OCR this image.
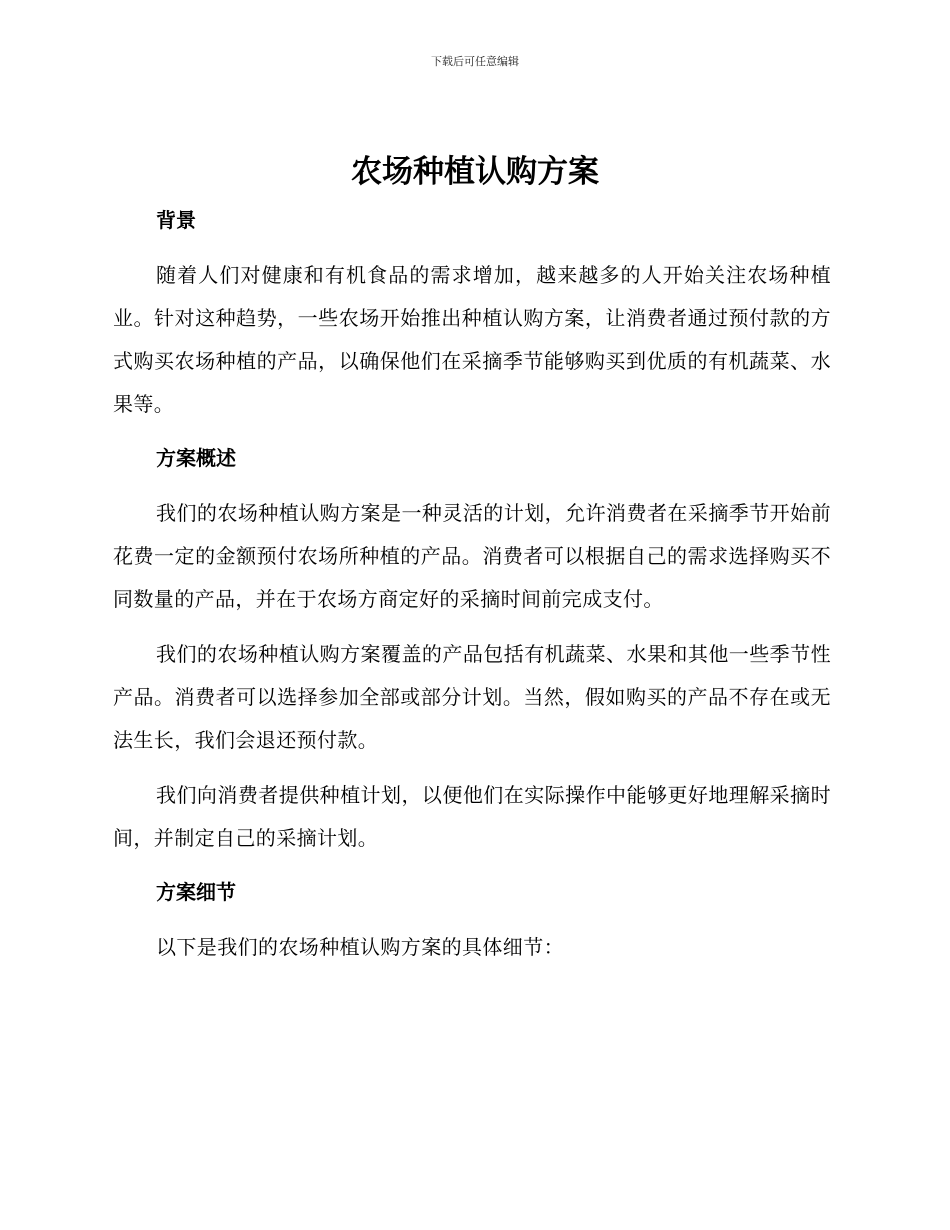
下载后可任意编辑
农场种植认购方案
背景

随着人们对健康和有机食品的需求增加，越来越多的人开始关注农场种植业。针对这种趋势，一些农场开始推出种植认购方案，让消费者通过预付款的方式购买农场种植的产品，以确保他们在采摘季节能够购买到优质的有机蔬菜、水果等。

方案概述

我们的农场种植认购方案是一种灵活的计划，允许消费者在采摘季节开始前花费一定的金额预付农场所种植的产品。消费者可以根据自己的需求选择购买不同数量的产品，并在于农场方商定好的采摘时间前完成支付。

我们的农场种植认购方案覆盖的产品包括有机蔬菜、水果和其他一些季节性产品。消费者可以选择参加全部或部分计划。当然，假如购买的产品不存在或无法生长，我们会退还预付款。

我们向消费者提供种植计划，以便他们在实际操作中能够更好地理解采摘时间，并制定自己的采摘计划。

方案细节

以下是我们的农场种植认购方案的具体细节：
